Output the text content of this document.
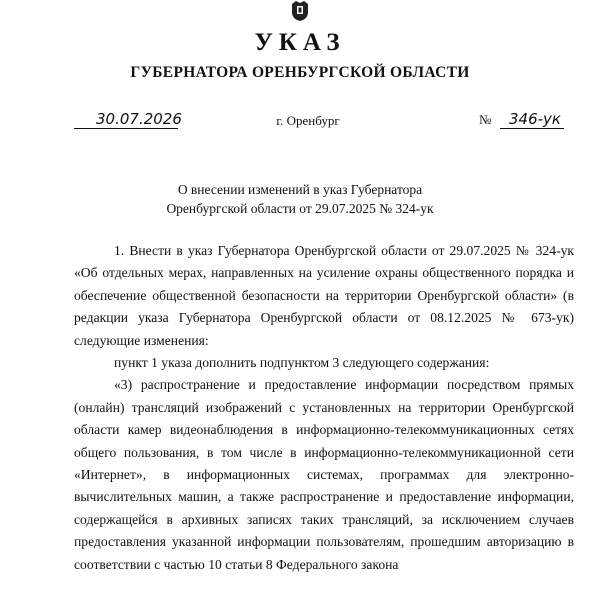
УКАЗ
ГУБЕРНАТОРА ОРЕНБУРГСКОЙ ОБЛАСТИ
30.07.2026	г. Оренбург	№ 346-ук
О внесении изменений в указ Губернатора
Оренбургской области от 29.07.2025 № 324-ук

1. Внести в указ Губернатора Оренбургской области от 29.07.2025 № 324-ук «Об отдельных мерах, направленных на усиление охраны общественного порядка и обеспечение общественной безопасности на территории Оренбургской области» (в редакции указа Губернатора Оренбургской области от 08.12.2025 № 673-ук) следующие изменения:

пункт 1 указа дополнить подпунктом 3 следующего содержания:

«3) распространение и предоставление информации посредством прямых (онлайн) трансляций изображений с установленных на территории Оренбургской области камер видеонаблюдения в информационно-телекоммуникационных сетях общего пользования, в том числе в информационно-телекоммуникационной сети «Интернет», в информационных системах, программах для электронно-вычислительных машин, а также распространение и предоставление информации, содержащейся в архивных записях таких трансляций, за исключением случаев предоставления указанной информации пользователям, прошедшим авторизацию в соответствии с частью 10 статьи 8 Федерального закона
